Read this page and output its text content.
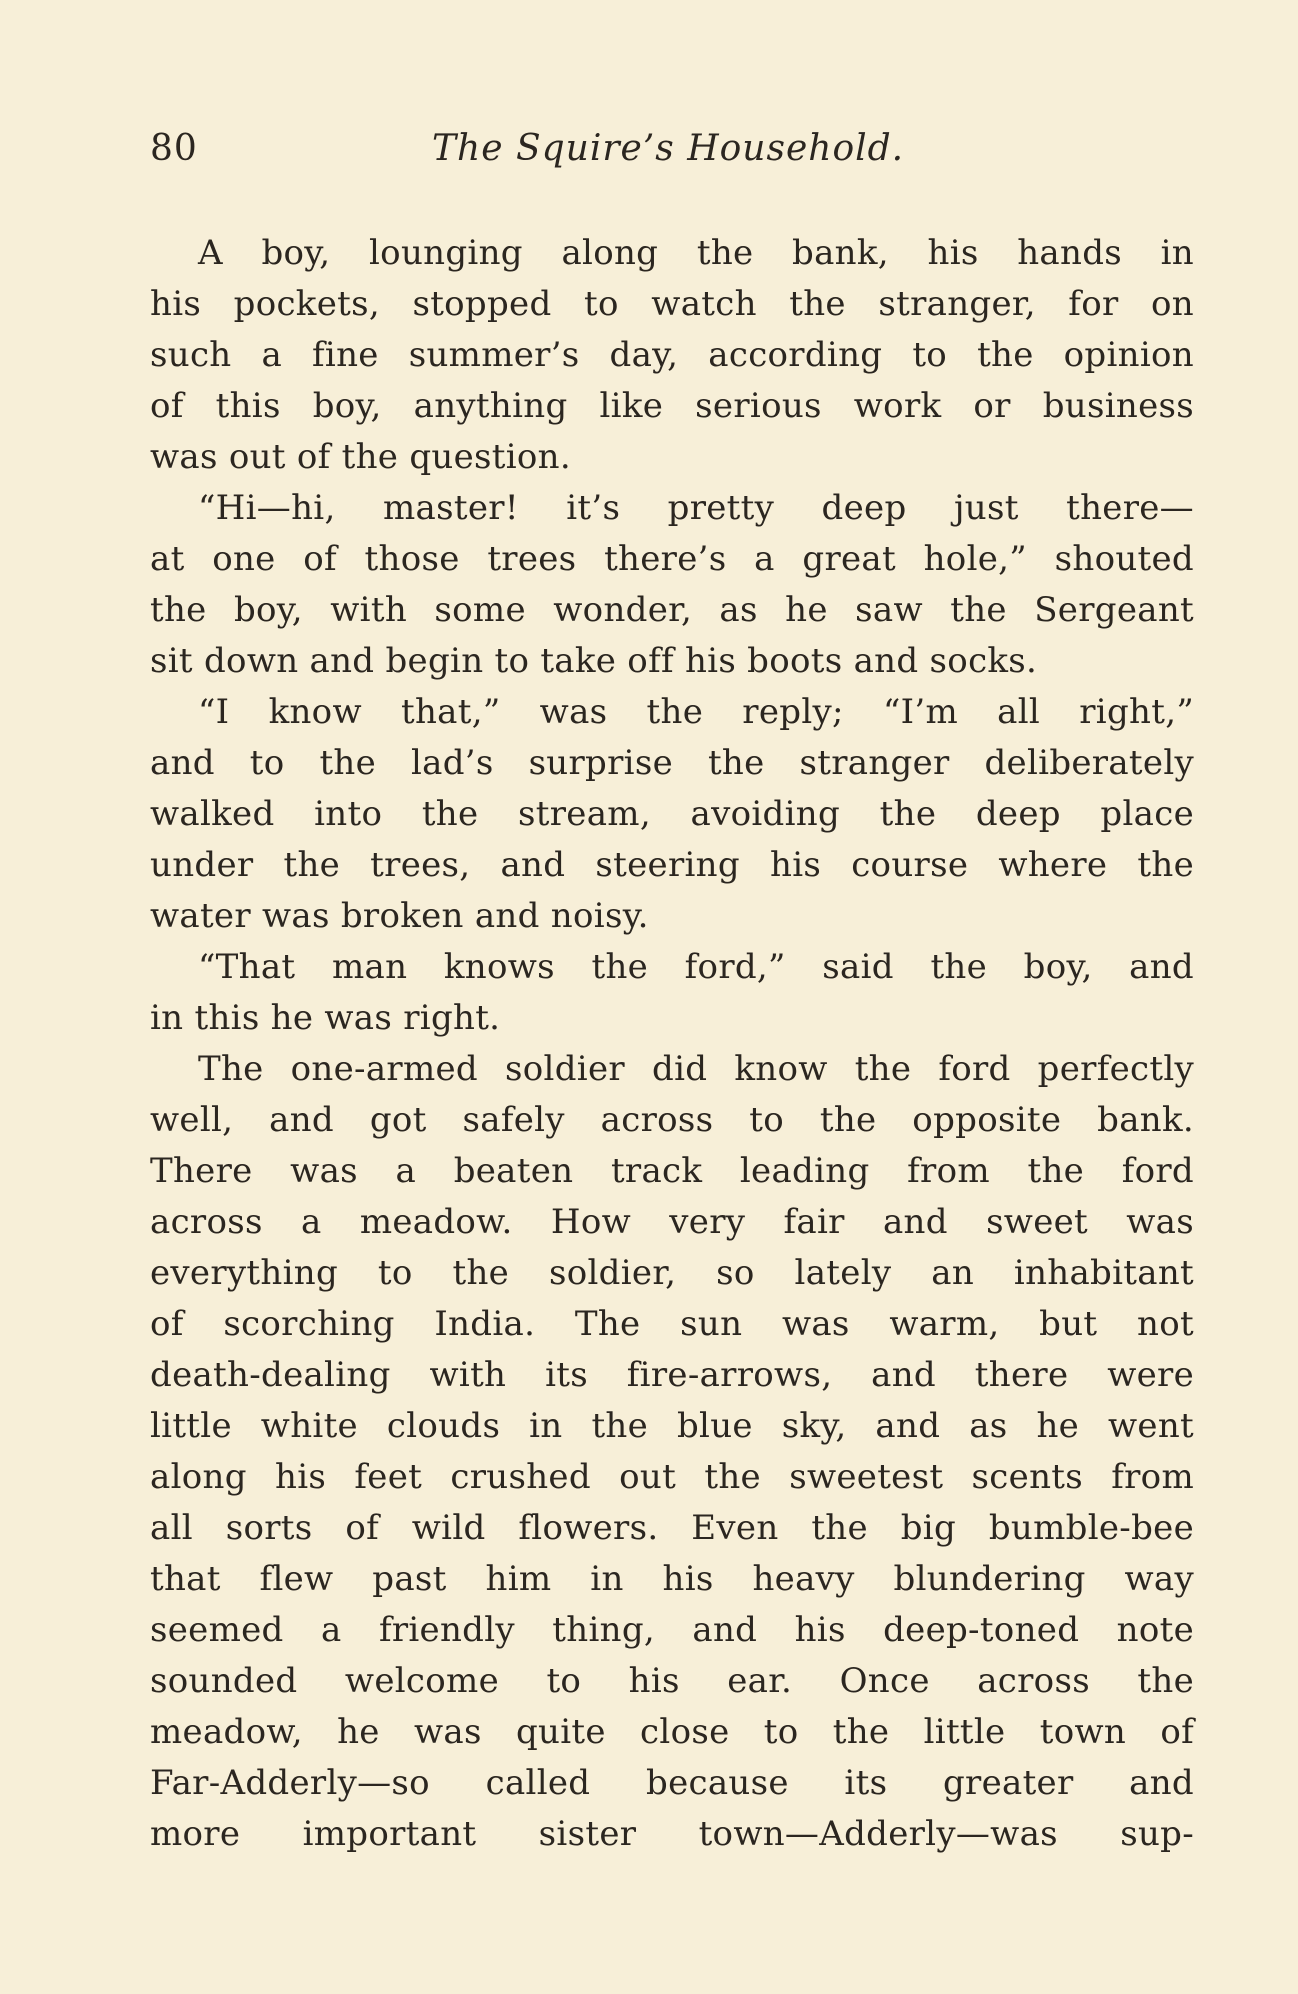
80	The Squire’s Household.
A boy, lounging along the bank, his hands in
his pockets, stopped to watch the stranger, for on
such a fine summer’s day, according to the opinion
of this boy, anything like serious work or business
was out of the question.
“Hi—hi, master! it’s pretty deep just there—
at one of those trees there’s a great hole,” shouted
the boy, with some wonder, as he saw the Sergeant
sit down and begin to take off his boots and socks.
“I know that,” was the reply; “I’m all right,”
and to the lad’s surprise the stranger deliberately
walked into the stream, avoiding the deep place
under the trees, and steering his course where the
water was broken and noisy.
“That man knows the ford,” said the boy, and
in this he was right.
The one-armed soldier did know the ford perfectly
well, and got safely across to the opposite bank.
There was a beaten track leading from the ford
across a meadow. How very fair and sweet was
everything to the soldier, so lately an inhabitant
of scorching India. The sun was warm, but not
death-dealing with its fire-arrows, and there were
little white clouds in the blue sky, and as he went
along his feet crushed out the sweetest scents from
all sorts of wild flowers. Even the big bumble-bee
that flew past him in his heavy blundering way
seemed a friendly thing, and his deep-toned note
sounded welcome to his ear. Once across the
meadow, he was quite close to the little town of
Far-Adderly—so called because its greater and
more important sister town—Adderly—was sup-
